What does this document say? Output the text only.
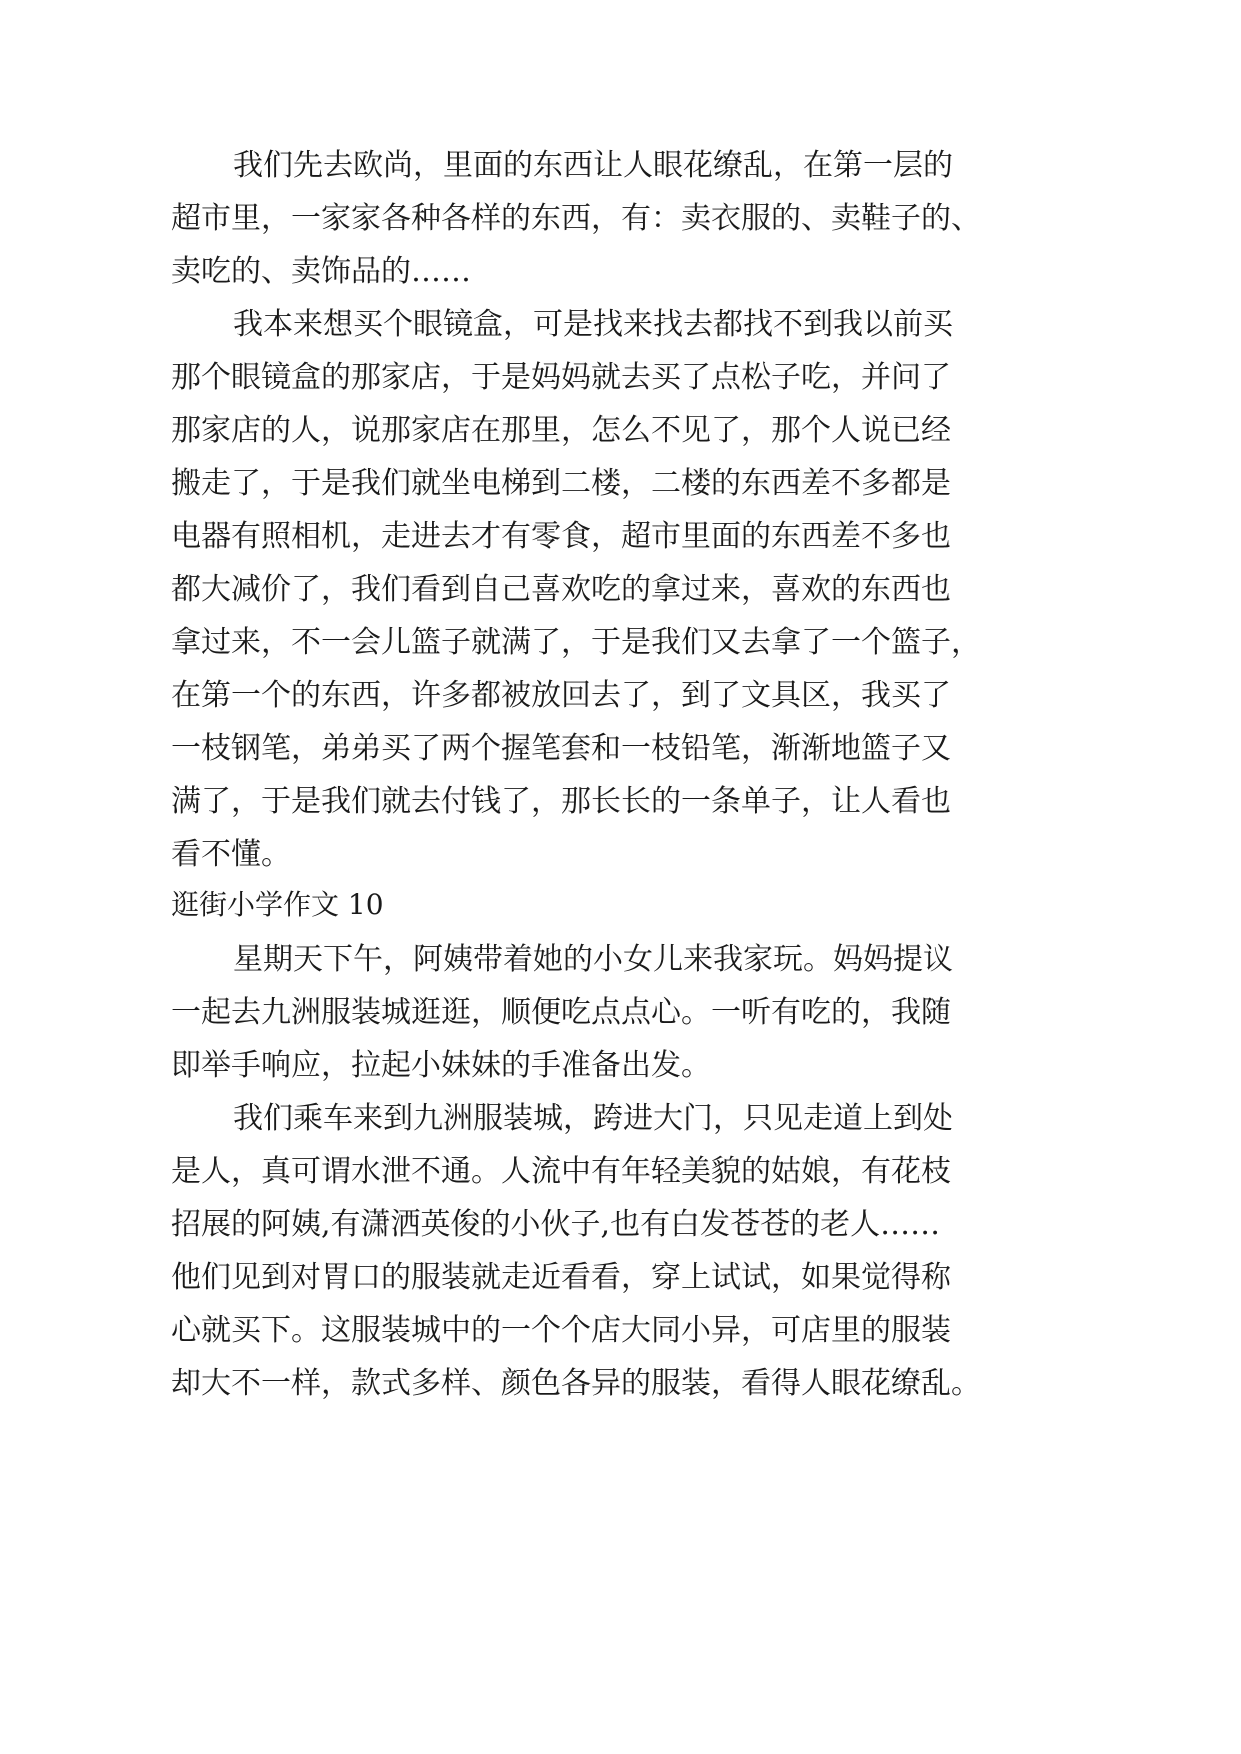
我们先去欧尚，里面的东西让人眼花缭乱，在第一层的
超市里，一家家各种各样的东西，有：卖衣服的、卖鞋子的、
卖吃的、卖饰品的……
我本来想买个眼镜盒，可是找来找去都找不到我以前买
那个眼镜盒的那家店，于是妈妈就去买了点松子吃，并问了
那家店的人，说那家店在那里，怎么不见了，那个人说已经
搬走了，于是我们就坐电梯到二楼，二楼的东西差不多都是
电器有照相机，走进去才有零食，超市里面的东西差不多也
都大减价了，我们看到自己喜欢吃的拿过来，喜欢的东西也
拿过来，不一会儿篮子就满了，于是我们又去拿了一个篮子，
在第一个的东西，许多都被放回去了，到了文具区，我买了
一枝钢笔，弟弟买了两个握笔套和一枝铅笔，渐渐地篮子又
满了，于是我们就去付钱了，那长长的一条单子，让人看也
看不懂。
逛街小学作文 10
星期天下午，阿姨带着她的小女儿来我家玩。妈妈提议
一起去九洲服装城逛逛，顺便吃点点心。一听有吃的，我随
即举手响应，拉起小妹妹的手准备出发。
我们乘车来到九洲服装城，跨进大门，只见走道上到处
是人，真可谓水泄不通。人流中有年轻美貌的姑娘，有花枝
招展的阿姨,有潇洒英俊的小伙子,也有白发苍苍的老人……
他们见到对胃口的服装就走近看看，穿上试试，如果觉得称
心就买下。这服装城中的一个个店大同小异，可店里的服装
却大不一样，款式多样、颜色各异的服装，看得人眼花缭乱。
